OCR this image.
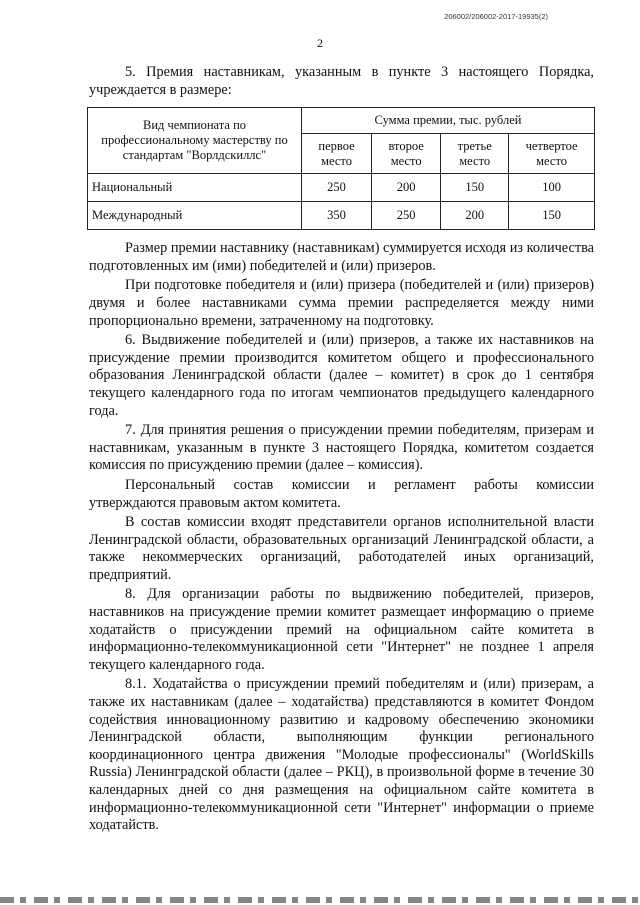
206002/206002-2017-19935(2)
2

5. Премия наставникам, указанным в пункте 3 настоящего Порядка, учреждается в размере:

Вид чемпионата по профессиональному мастерству по стандартам "Ворлдскиллс"	Сумма премии, тыс. рублей			
	первое место	второе место	третье место	четвертое место
Национальный	250	200	150	100
Международный	350	250	200	150

Размер премии наставнику (наставникам) суммируется исходя из количества подготовленных им (ими) победителей и (или) призеров.

При подготовке победителя и (или) призера (победителей и (или) призеров) двумя и более наставниками сумма премии распределяется между ними пропорционально времени, затраченному на подготовку.

6. Выдвижение победителей и (или) призеров, а также их наставников на присуждение премии производится комитетом общего и профессионального образования Ленинградской области (далее – комитет) в срок до 1 сентября текущего календарного года по итогам чемпионатов предыдущего календарного года.

7. Для принятия решения о присуждении премии победителям, призерам и наставникам, указанным в пункте 3 настоящего Порядка, комитетом создается комиссия по присуждению премии (далее – комиссия).

Персональный состав комиссии и регламент работы комиссии утверждаются правовым актом комитета.

В состав комиссии входят представители органов исполнительной власти Ленинградской области, образовательных организаций Ленинградской области, а также некоммерческих организаций, работодателей иных организаций, предприятий.

8. Для организации работы по выдвижению победителей, призеров, наставников на присуждение премии комитет размещает информацию о приеме ходатайств о присуждении премий на официальном сайте комитета в информационно-телекоммуникационной сети "Интернет" не позднее 1 апреля текущего календарного года.

8.1. Ходатайства о присуждении премий победителям и (или) призерам, а также их наставникам (далее – ходатайства) представляются в комитет Фондом содействия инновационному развитию и кадровому обеспечению экономики Ленинградской области, выполняющим функции регионального координационного центра движения "Молодые профессионалы" (WorldSkills Russia) Ленинградской области (далее – РКЦ), в произвольной форме в течение 30 календарных дней со дня размещения на официальном сайте комитета в информационно-телекоммуникационной сети "Интернет" информации о приеме ходатайств.
